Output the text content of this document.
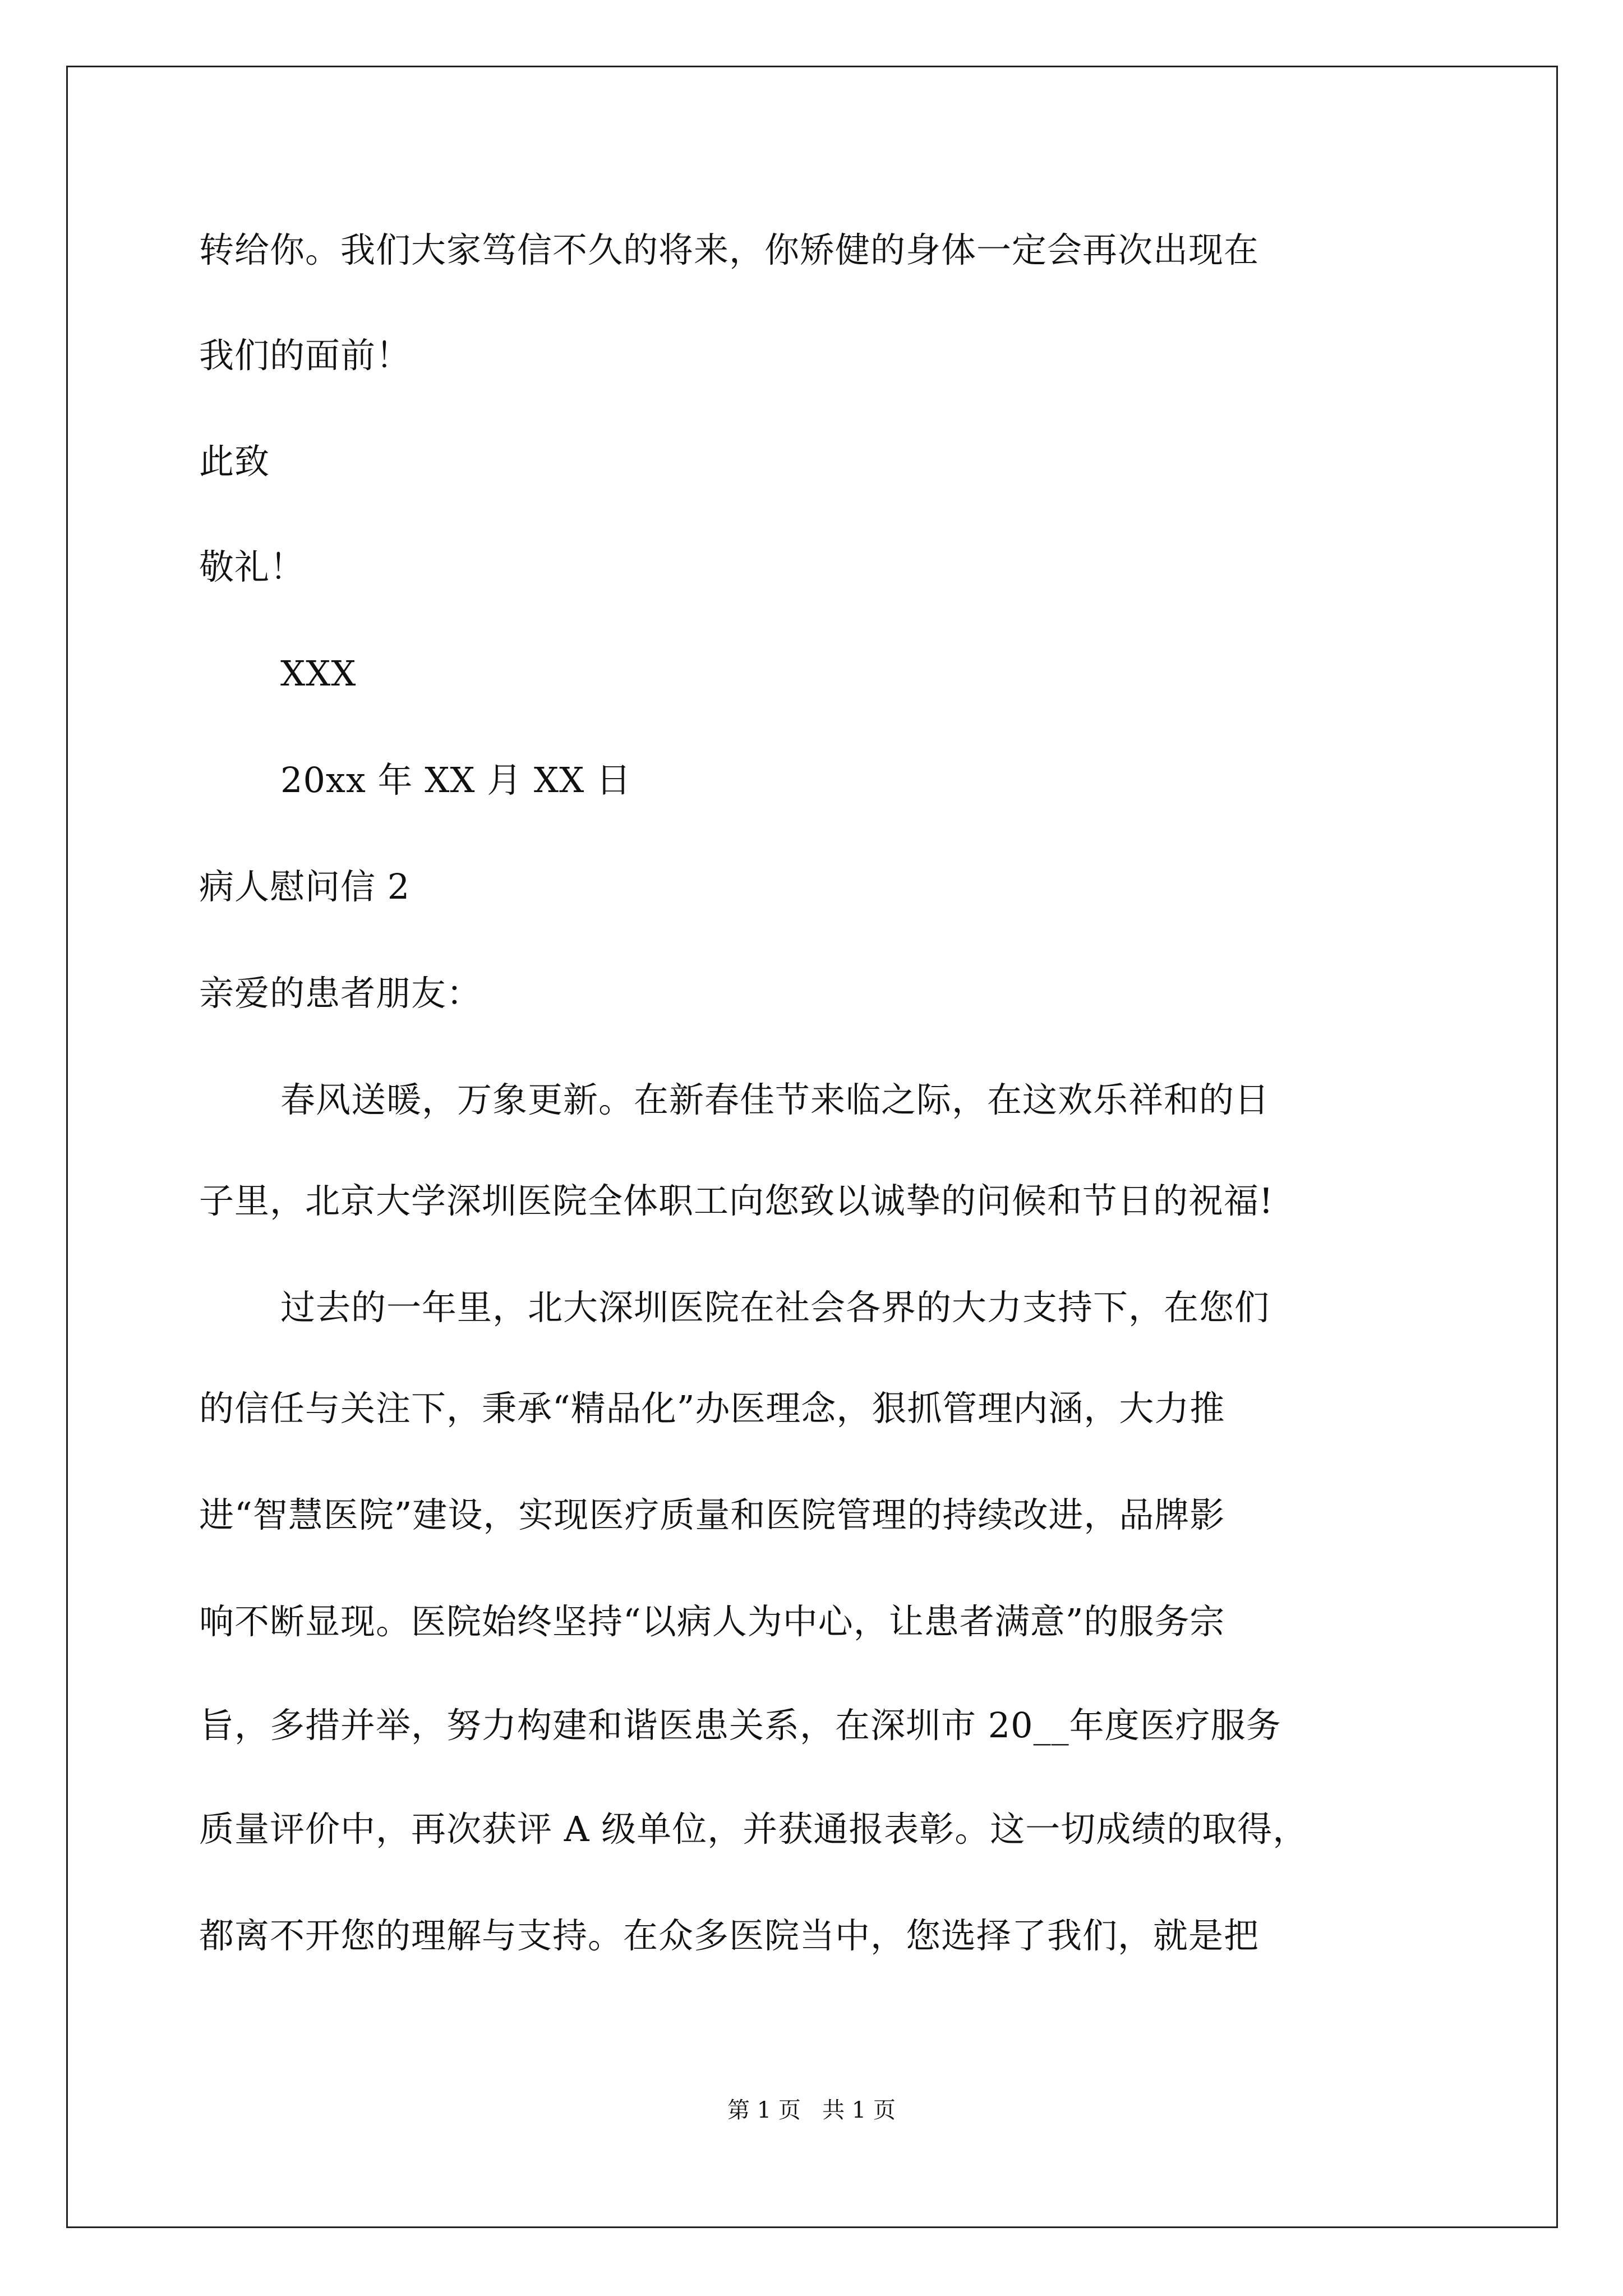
转给你。我们大家笃信不久的将来，你矫健的身体一定会再次出现在
我们的面前！
此致
敬礼！
XXX
20xx 年 XX 月 XX 日
病人慰问信 2
亲爱的患者朋友：
春风送暖，万象更新。在新春佳节来临之际，在这欢乐祥和的日
子里，北京大学深圳医院全体职工向您致以诚挚的问候和节日的祝福!
过去的一年里，北大深圳医院在社会各界的大力支持下，在您们
的信任与关注下，秉承“精品化”办医理念，狠抓管理内涵，大力推
进“智慧医院”建设，实现医疗质量和医院管理的持续改进，品牌影
响不断显现。医院始终坚持“以病人为中心，让患者满意”的服务宗
旨，多措并举，努力构建和谐医患关系，在深圳市 20__年度医疗服务
质量评价中，再次获评 A 级单位，并获通报表彰。这一切成绩的取得，
都离不开您的理解与支持。在众多医院当中，您选择了我们，就是把
第 1 页   共 1 页
